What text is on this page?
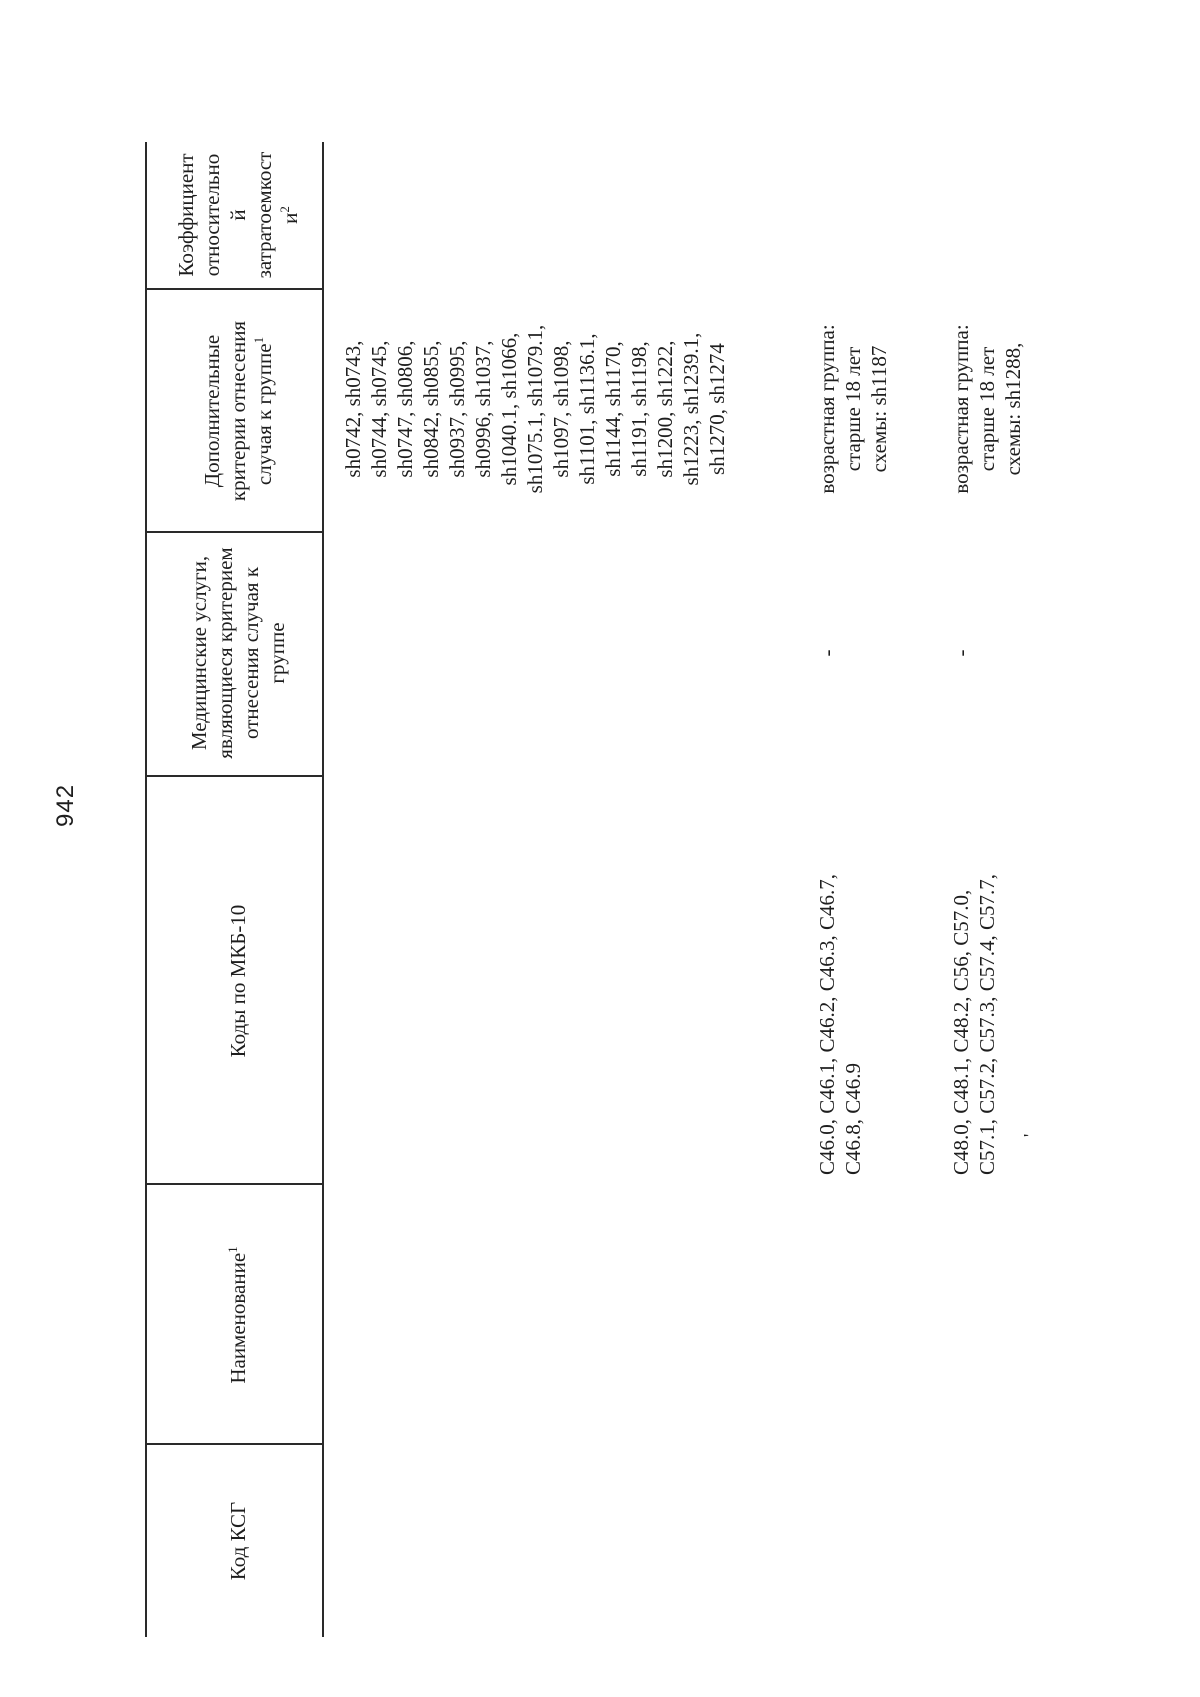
942
Код КСГ
Наименование$^1$
Коды по МКБ-10
Медицинские услуги, являющиеся критерием отнесения случая к группе
Дополнительные критерии отнесения случая к группе$^1$
Коэффициент относительно й затратоемкост $и^2$
sh0742, sh0743,
sh0744, sh0745,
sh0747, sh0806,
sh0842, sh0855,
sh0937, sh0995,
sh0996, sh1037,
sh1040.1, sh1066,
sh1075.1, sh1079.1,
sh1097, sh1098,
sh1101, sh1136.1,
sh1144, sh1170,
sh1191, sh1198,
sh1200, sh1222,
sh1223, sh1239.1,
sh1270, sh1274
C46.0, C46.1, C46.2, C46.3, C46.7,
C46.8, C46.9
-
возрастная группа:
старше 18 лет
схемы: sh1187
C48.0, C48.1, C48.2, C56, C57.0,
C57.1, C57.2, C57.3, C57.4, C57.7,
-
возрастная группа:
старше 18 лет
схемы: sh1288,
'
